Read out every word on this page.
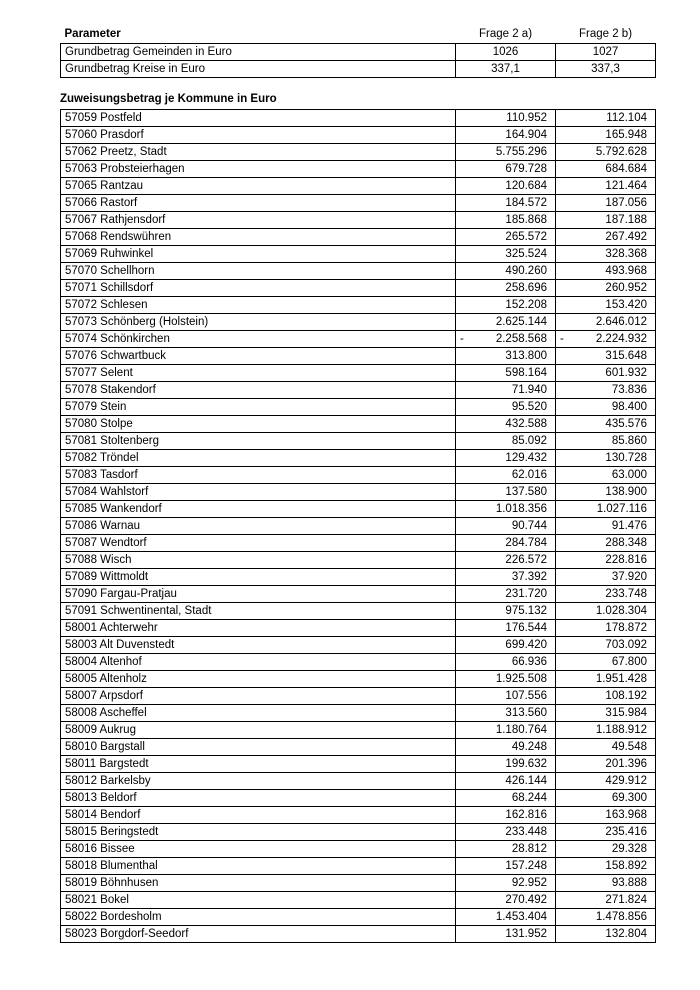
Parameter	Frage 2 a)	Frage 2 b)
Grundbetrag Gemeinden in Euro	1026	1027
Grundbetrag Kreise in Euro	337,1	337,3
Zuweisungsbetrag je Kommune in Euro
57059 Postfeld	110.952	112.104
57060 Prasdorf	164.904	165.948
57062 Preetz, Stadt	5.755.296	5.792.628
57063 Probsteierhagen	679.728	684.684
57065 Rantzau	120.684	121.464
57066 Rastorf	184.572	187.056
57067 Rathjensdorf	185.868	187.188
57068 Rendswühren	265.572	267.492
57069 Ruhwinkel	325.524	328.368
57070 Schellhorn	490.260	493.968
57071 Schillsdorf	258.696	260.952
57072 Schlesen	152.208	153.420
57073 Schönberg (Holstein)	2.625.144	2.646.012
57074 Schönkirchen	- 2.258.568	- 2.224.932
57076 Schwartbuck	313.800	315.648
57077 Selent	598.164	601.932
57078 Stakendorf	71.940	73.836
57079 Stein	95.520	98.400
57080 Stolpe	432.588	435.576
57081 Stoltenberg	85.092	85.860
57082 Tröndel	129.432	130.728
57083 Tasdorf	62.016	63.000
57084 Wahlstorf	137.580	138.900
57085 Wankendorf	1.018.356	1.027.116
57086 Warnau	90.744	91.476
57087 Wendtorf	284.784	288.348
57088 Wisch	226.572	228.816
57089 Wittmoldt	37.392	37.920
57090 Fargau-Pratjau	231.720	233.748
57091 Schwentinental, Stadt	975.132	1.028.304
58001 Achterwehr	176.544	178.872
58003 Alt Duvenstedt	699.420	703.092
58004 Altenhof	66.936	67.800
58005 Altenholz	1.925.508	1.951.428
58007 Arpsdorf	107.556	108.192
58008 Ascheffel	313.560	315.984
58009 Aukrug	1.180.764	1.188.912
58010 Bargstall	49.248	49.548
58011 Bargstedt	199.632	201.396
58012 Barkelsby	426.144	429.912
58013 Beldorf	68.244	69.300
58014 Bendorf	162.816	163.968
58015 Beringstedt	233.448	235.416
58016 Bissee	28.812	29.328
58018 Blumenthal	157.248	158.892
58019 Böhnhusen	92.952	93.888
58021 Bokel	270.492	271.824
58022 Bordesholm	1.453.404	1.478.856
58023 Borgdorf-Seedorf	131.952	132.804
